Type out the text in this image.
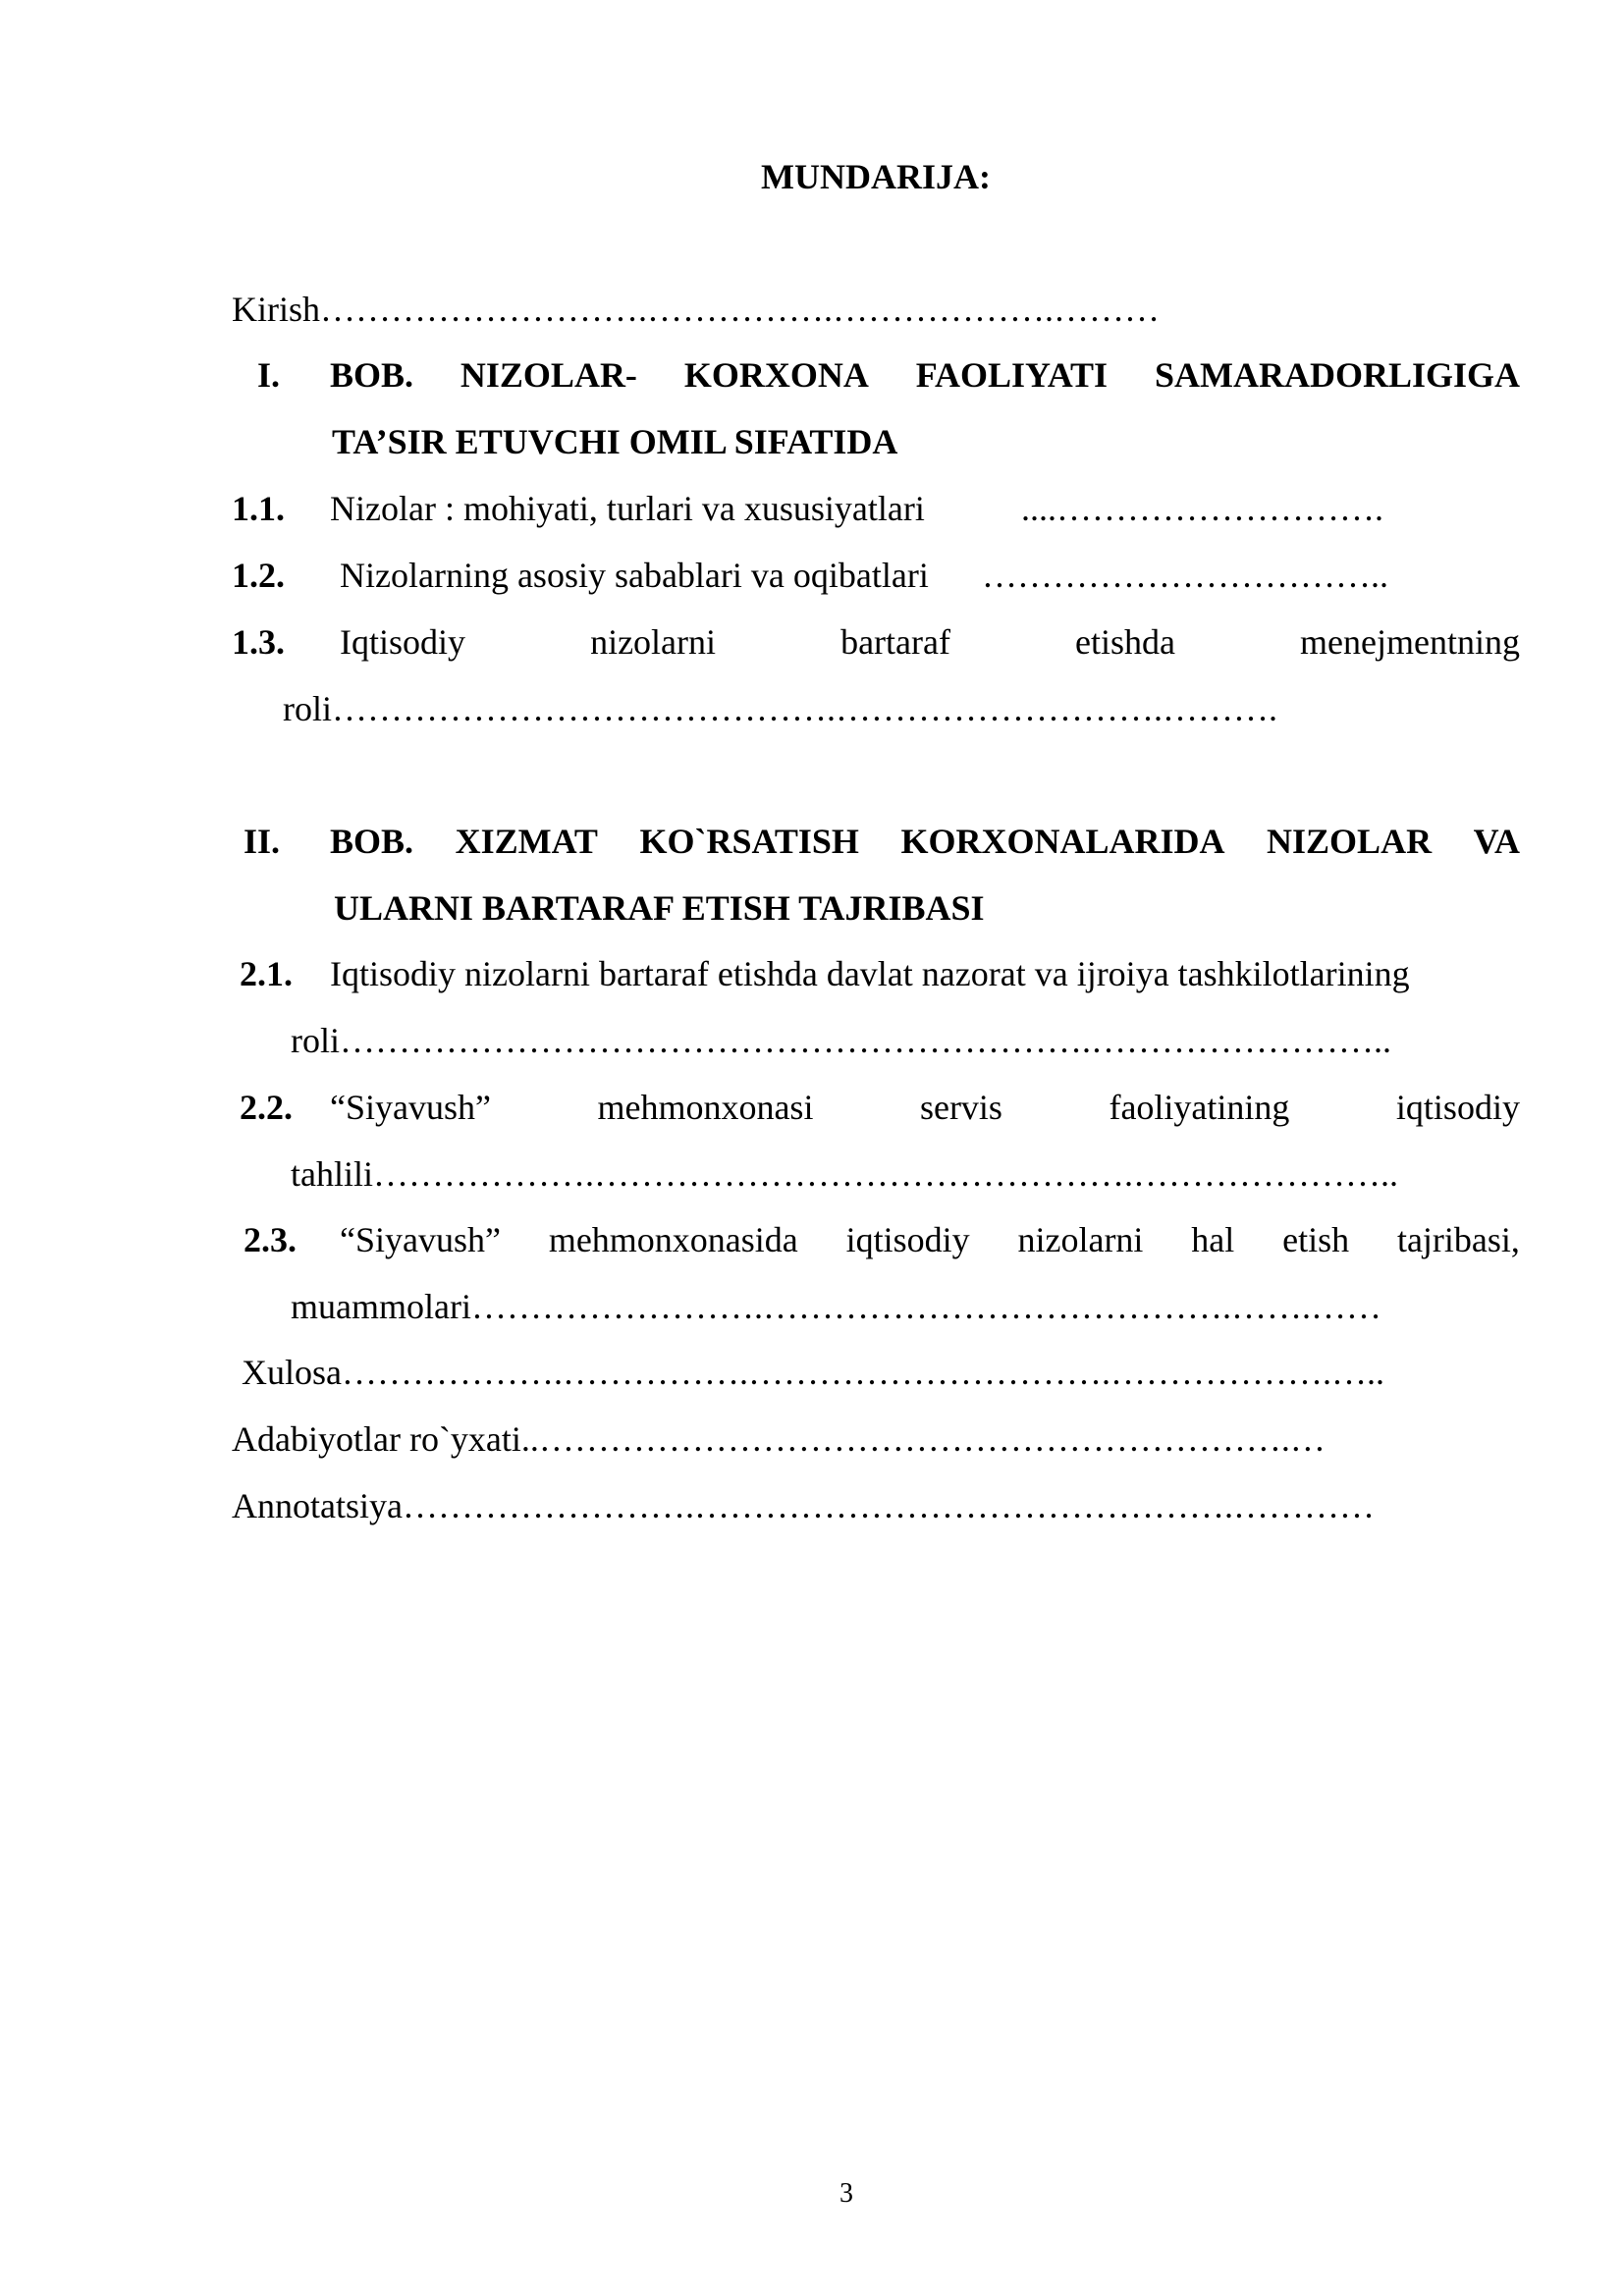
MUNDARIJA:
Kirish……………………….…………….……………….………
I. BOB. NIZOLAR- KORXONA FAOLIYATI SAMARADORLIGIGA
TA’SIR ETUVCHI OMIL SIFATIDA
1.1. Nizolar : mohiyati, turlari va xususiyatlari	....……………………….
1.2. Nizolarning asosiy sabablari va oqibatlari ……………………………..
1.3. Iqtisodiy	nizolarni	bartaraf	etishda	menejmentning
roli…………………………………….……………………….……….
II. BOB. XIZMAT KO`RSATISH KORXONALARIDA NIZOLAR VA
ULARNI BARTARAF ETISH TAJRIBASI
2.1. Iqtisodiy nizolarni bartaraf etishda davlat nazorat va ijroiya tashkilotlarining
roli……………………………………………………….……………………..
2.2. “Siyavush”	mehmonxonasi	servis	faoliyatining	iqtisodiy
tahlili……………….……………………………………….…………………..
2.3. “Siyavush” mehmonxonasida iqtisodiy nizolarni hal etish tajribasi,
muammolari…………………….………………………………….…….……
Xulosa……………….…………….………………………….……………….…..
Adabiyotlar ro`yxati..……………………………………………………….…
Annotatsiya…………………….……………………………………….…………
3
